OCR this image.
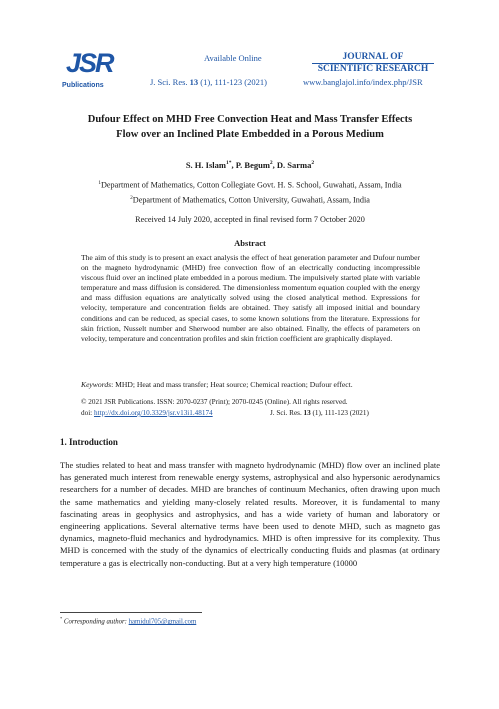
JSR
Publications
Available Online	JOURNAL OF
SCIENTIFIC RESEARCH
J. Sci. Res. 13 (1), 111-123 (2021)	www.banglajol.info/index.php/JSR
Dufour Effect on MHD Free Convection Heat and Mass Transfer Effects
Flow over an Inclined Plate Embedded in a Porous Medium
S. H. Islam$^{1*}$, P. Begum$^2$, D. Sarma$^2$
$^1$Department of Mathematics, Cotton Collegiate Govt. H. S. School, Guwahati, Assam, India
$^2$Department of Mathematics, Cotton University, Guwahati, Assam, India
Received 14 July 2020, accepted in final revised form 7 October 2020
Abstract
The aim of this study is to present an exact analysis the effect of heat generation parameter and Dufour number on the magneto hydrodynamic (MHD) free convection flow of an electrically conducting incompressible viscous fluid over an inclined plate embedded in a porous medium. The impulsively started plate with variable temperature and mass diffusion is considered. The dimensionless momentum equation coupled with the energy and mass diffusion equations are analytically solved using the closed analytical method. Expressions for velocity, temperature and concentration fields are obtained. They satisfy all imposed initial and boundary conditions and can be reduced, as special cases, to some known solutions from the literature. Expressions for skin friction, Nusselt number and Sherwood number are also obtained. Finally, the effects of parameters on velocity, temperature and concentration profiles and skin friction coefficient are graphically displayed.
Keywords: MHD; Heat and mass transfer; Heat source; Chemical reaction; Dufour effect.
© 2021 JSR Publications. ISSN: 2070-0237 (Print); 2070-0245 (Online). All rights reserved.
doi: http://dx.doi.org/10.3329/jsr.v13i1.48174	J. Sci. Res. 13 (1), 111-123 (2021)
1. Introduction
The studies related to heat and mass transfer with magneto hydrodynamic (MHD) flow over an inclined plate has generated much interest from renewable energy systems, astrophysical and also hypersonic aerodynamics researchers for a number of decades. MHD are branches of continuum Mechanics, often drawing upon much the same mathematics and yielding many-closely related results. Moreover, it is fundamental to many fascinating areas in geophysics and astrophysics, and has a wide variety of human and laboratory or engineering applications. Several alternative terms have been used to denote MHD, such as magneto gas dynamics, magneto-fluid mechanics and hydrodynamics. MHD is often impressive for its complexity. Thus MHD is concerned with the study of the dynamics of electrically conducting fluids and plasmas (at ordinary temperature a gas is electrically non-conducting. But at a very high temperature (10000
* Corresponding author: hamidul705@gmail.com
